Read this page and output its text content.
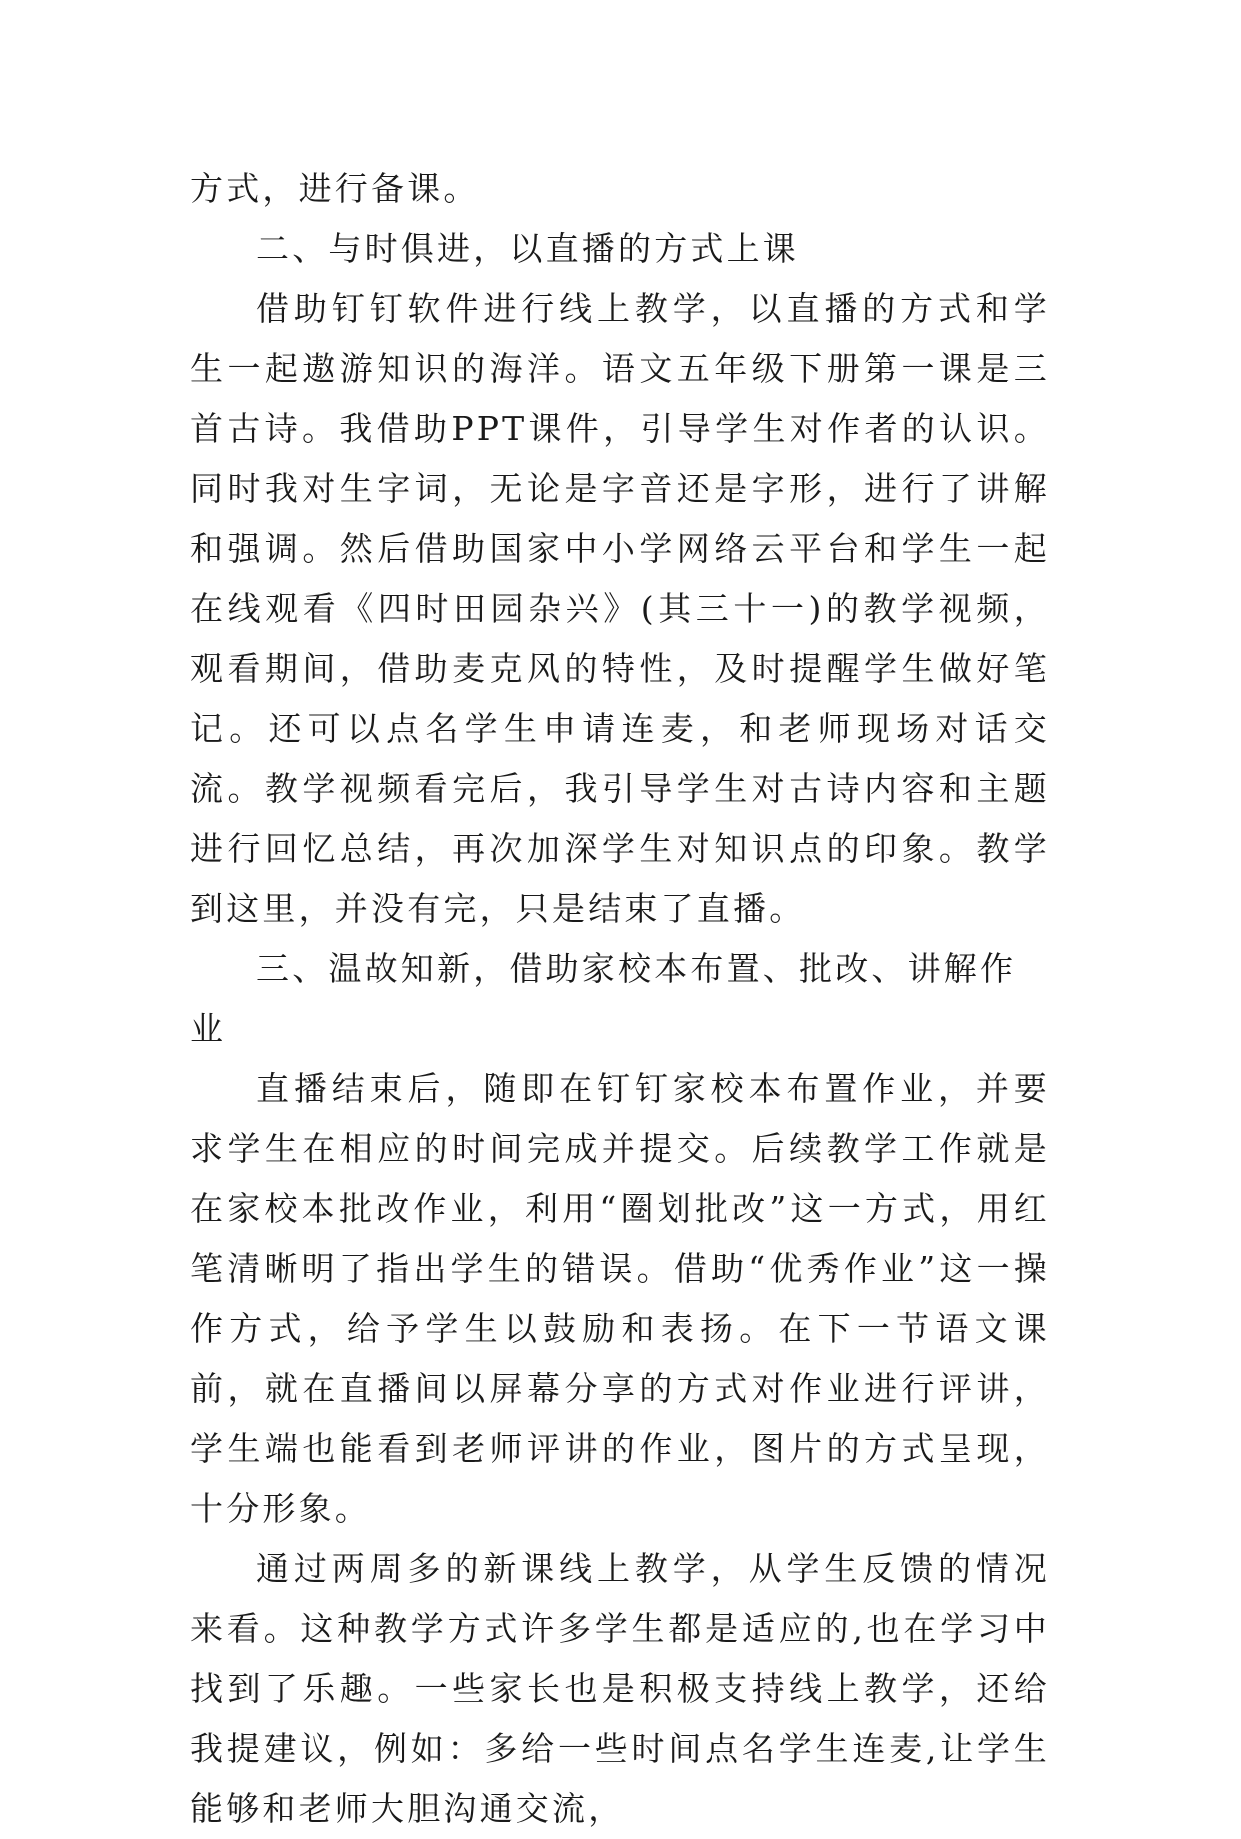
方式，进行备课。

二、与时俱进，以直播的方式上课

借助钉钉软件进行线上教学，以直播的方式和学生一起遨游知识的海洋。语文五年级下册第一课是三首古诗。我借助PPT课件，引导学生对作者的认识。同时我对生字词，无论是字音还是字形，进行了讲解和强调。然后借助国家中小学网络云平台和学生一起在线观看《四时田园杂兴》(其三十一)的教学视频，观看期间，借助麦克风的特性，及时提醒学生做好笔记。还可以点名学生申请连麦，和老师现场对话交流。教学视频看完后，我引导学生对古诗内容和主题进行回忆总结，再次加深学生对知识点的印象。教学到这里，并没有完，只是结束了直播。

三、温故知新，借助家校本布置、批改、讲解作业

直播结束后，随即在钉钉家校本布置作业，并要求学生在相应的时间完成并提交。后续教学工作就是在家校本批改作业，利用“圈划批改”这一方式，用红笔清晰明了指出学生的错误。借助“优秀作业”这一操作方式，给予学生以鼓励和表扬。在下一节语文课前，就在直播间以屏幕分享的方式对作业进行评讲，学生端也能看到老师评讲的作业，图片的方式呈现，十分形象。

通过两周多的新课线上教学，从学生反馈的情况来看。这种教学方式许多学生都是适应的,也在学习中找到了乐趣。一些家长也是积极支持线上教学，还给我提建议，例如：多给一些时间点名学生连麦,让学生能够和老师大胆沟通交流，
